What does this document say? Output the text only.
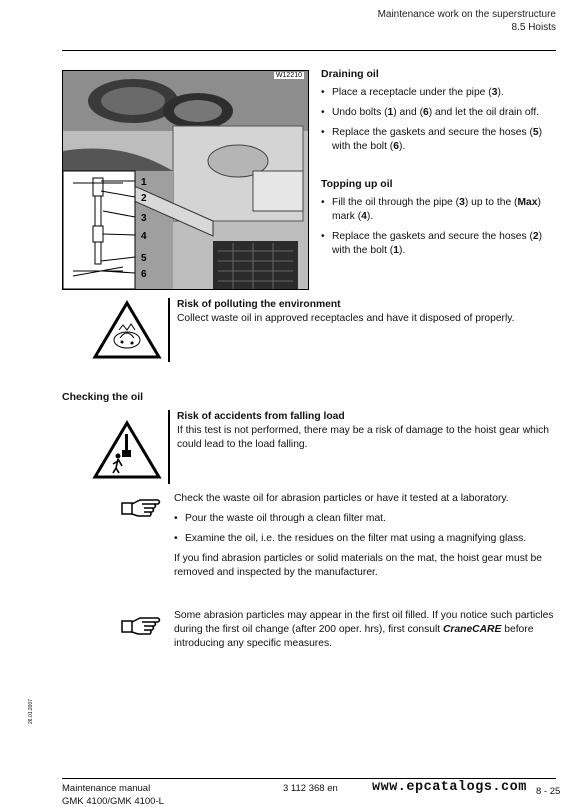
Maintenance work on the superstructure
8.5 Hoists
1
2
3
4
5
6
W12210 Draining oil
• Place a receptacle under the pipe (3).
• Undo bolts (1) and (6) and let the oil drain off.
• Replace the gaskets and secure the hoses (5) with the bolt (6).
Topping up oil
• Fill the oil through the pipe (3) up to the (Max) mark (4).
• Replace the gaskets and secure the hoses (2) with the bolt (1).
Risk of polluting the environment
Collect waste oil in approved receptacles and have it disposed of properly.
Checking the oil
Risk of accidents from falling load
If this test is not performed, there may be a risk of damage to the hoist gear which could lead to the load falling.
Check the waste oil for abrasion particles or have it tested at a laboratory.
• Pour the waste oil through a clean filter mat.
• Examine the oil, i.e. the residues on the filter mat using a magnifying glass.
If you find abrasion particles or solid materials on the mat, the hoist gear must be removed and inspected by the manufacturer.
Some abrasion particles may appear in the first oil filled. If you notice such particles during the first oil change (after 200 oper. hrs), first consult CraneCARE before introducing any specific measures.
26.01.2007
Maintenance manual
GMK 4100/GMK 4100-L
3 112 368 en	www.epcatalogs.com 8 - 25
